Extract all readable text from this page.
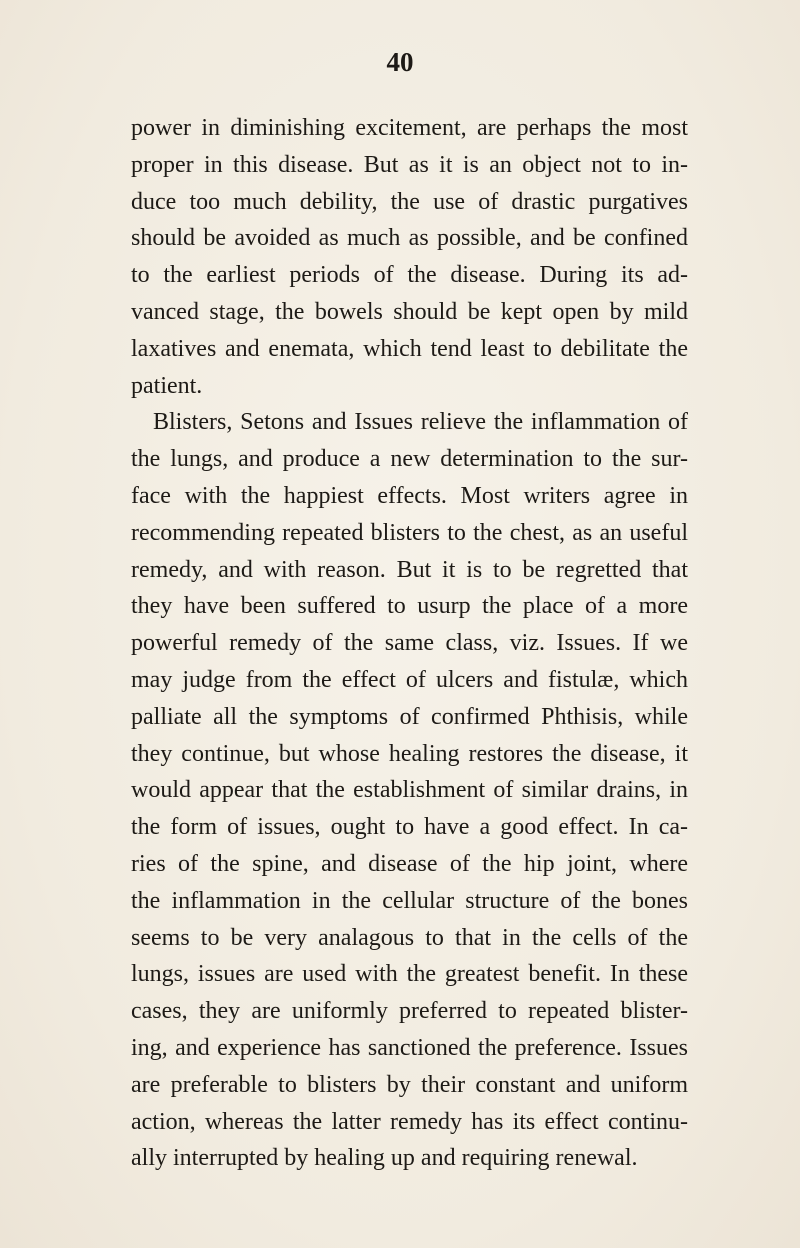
40
power in diminishing excitement, are perhaps the most
proper in this disease. But as it is an object not to in-
duce too much debility, the use of drastic purgatives
should be avoided as much as possible, and be confined
to the earliest periods of the disease. During its ad-
vanced stage, the bowels should be kept open by mild
laxatives and enemata, which tend least to debilitate the
patient.
Blisters, Setons and Issues relieve the inflammation of
the lungs, and produce a new determination to the sur-
face with the happiest effects. Most writers agree in
recommending repeated blisters to the chest, as an useful
remedy, and with reason. But it is to be regretted that
they have been suffered to usurp the place of a more
powerful remedy of the same class, viz. Issues. If we
may judge from the effect of ulcers and fistulæ, which
palliate all the symptoms of confirmed Phthisis, while
they continue, but whose healing restores the disease, it
would appear that the establishment of similar drains, in
the form of issues, ought to have a good effect. In ca-
ries of the spine, and disease of the hip joint, where
the inflammation in the cellular structure of the bones
seems to be very analagous to that in the cells of the
lungs, issues are used with the greatest benefit. In these
cases, they are uniformly preferred to repeated blister-
ing, and experience has sanctioned the preference. Issues
are preferable to blisters by their constant and uniform
action, whereas the latter remedy has its effect continu-
ally interrupted by healing up and requiring renewal.
